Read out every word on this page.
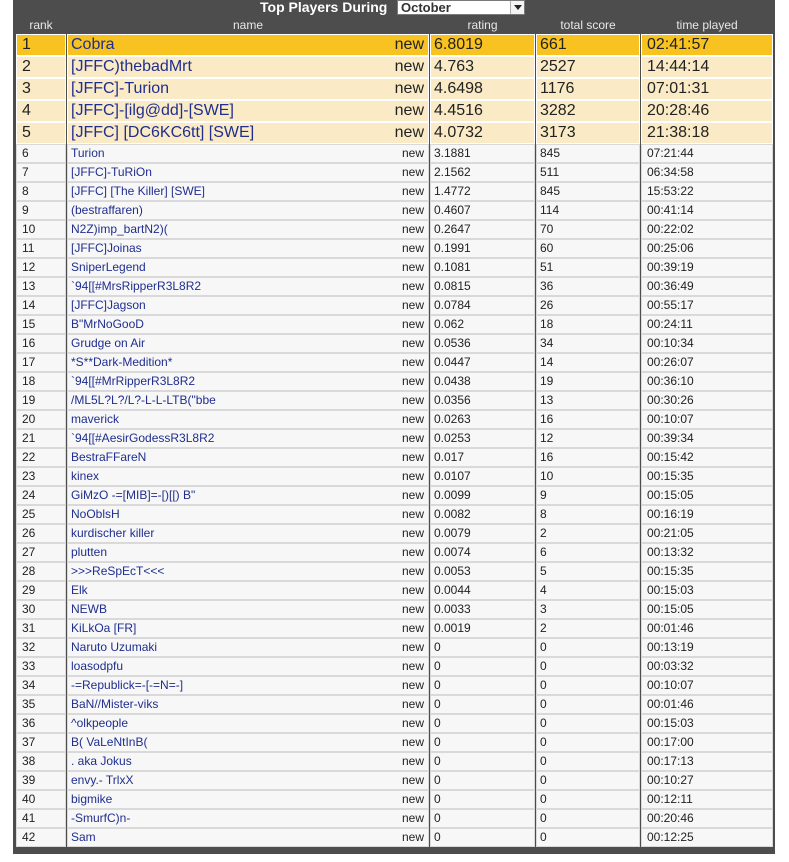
Top Players During October
rank	name	rating	total score	time played
1	Cobra	new 6.8019	661	02:41:57
2	[JFFC)thebadMrt	new 4.763	2527	14:44:14
3	[JFFC]-Turion	new 4.6498	1176	07:01:31
4	[JFFC]-[ilg@dd]-[SWE]	new 4.4516	3282	20:28:46
5	[JFFC] [DC6KC6tt] [SWE]	new 4.0732	3173	21:38:18
6	Turion	new 3.1881	845	07:21:44
7	[JFFC]-TuRiOn	new 2.1562	511	06:34:58
8	[JFFC] [The Killer] [SWE]	new 1.4772	845	15:53:22
9	(bestraffaren)	new 0.4607	114	00:41:14
10	N2Z)imp_bartN2)(	new 0.2647	70	00:22:02
11	[JFFC]Joinas	new 0.1991	60	00:25:06
12	SniperLegend	new 0.1081	51	00:39:19
13	`94[[#MrsRipperR3L8R2	new 0.0815	36	00:36:49
14	[JFFC]Jagson	new 0.0784	26	00:55:17
15	B"MrNoGooD	new 0.062	18	00:24:11
16	Grudge on Air	new 0.0536	34	00:10:34
17	*S**Dark-Medition*	new 0.0447	14	00:26:07
18	`94[[#MrRipperR3L8R2	new 0.0438	19	00:36:10
19	/ML5L?L?/L?-L-L-LTB("bbe	new 0.0356	13	00:30:26
20	maverick	new 0.0263	16	00:10:07
21	`94[[#AesirGodessR3L8R2	new 0.0253	12	00:39:34
22	BestraFFareN	new 0.017	16	00:15:42
23	kinex	new 0.0107	10	00:15:35
24	GiMzO -=[MIB]=-[)[[) B"	new 0.0099	9	00:15:05
25	NoOblsH	new 0.0082	8	00:16:19
26	kurdischer killer	new 0.0079	2	00:21:05
27	plutten	new 0.0074	6	00:13:32
28	>>>ReSpEcT<<<	new 0.0053	5	00:15:35
29	Elk	new 0.0044	4	00:15:03
30	NEWB	new 0.0033	3	00:15:05
31	KiLkOa [FR]	new 0.0019	2	00:01:46
32	Naruto Uzumaki	new 0	0	00:13:19
33	loasodpfu	new 0	0	00:03:32
34	-=Republick=-[-=N=-]	new 0	0	00:10:07
35	BaN//Mister-viks	new 0	0	00:01:46
36	^olkpeople	new 0	0	00:15:03
37	B( VaLeNtInB(	new 0	0	00:17:00
38	. aka Jokus	new 0	0	00:17:13
39	envy.- TrlxX	new 0	0	00:10:27
40	bigmike	new 0	0	00:12:11
41	-SmurfC)n-	new 0	0	00:20:46
42	Sam	new 0	0	00:12:25
